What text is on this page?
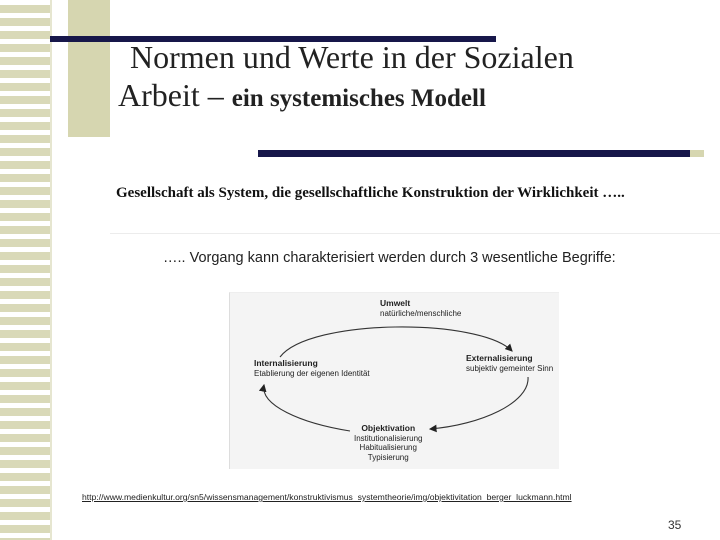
Normen und Werte in der Sozialen
Arbeit – ein systemisches Modell
Gesellschaft als System, die gesellschaftliche Konstruktion der Wirklichkeit …..
….. Vorgang kann charakterisiert werden durch 3 wesentliche Begriffe:
Umwelt
natürliche/menschliche
Internalisierung
Etablierung der eigenen Identität
Externalisierung
subjektiv gemeinter Sinn
Objektivation
Institutionalisierung
Habitualisierung
Typisierung
http://www.medienkultur.org/sn5/wissensmanagement/konstruktivismus_systemtheorie/img/objektivitation_berger_luckmann.html
35
